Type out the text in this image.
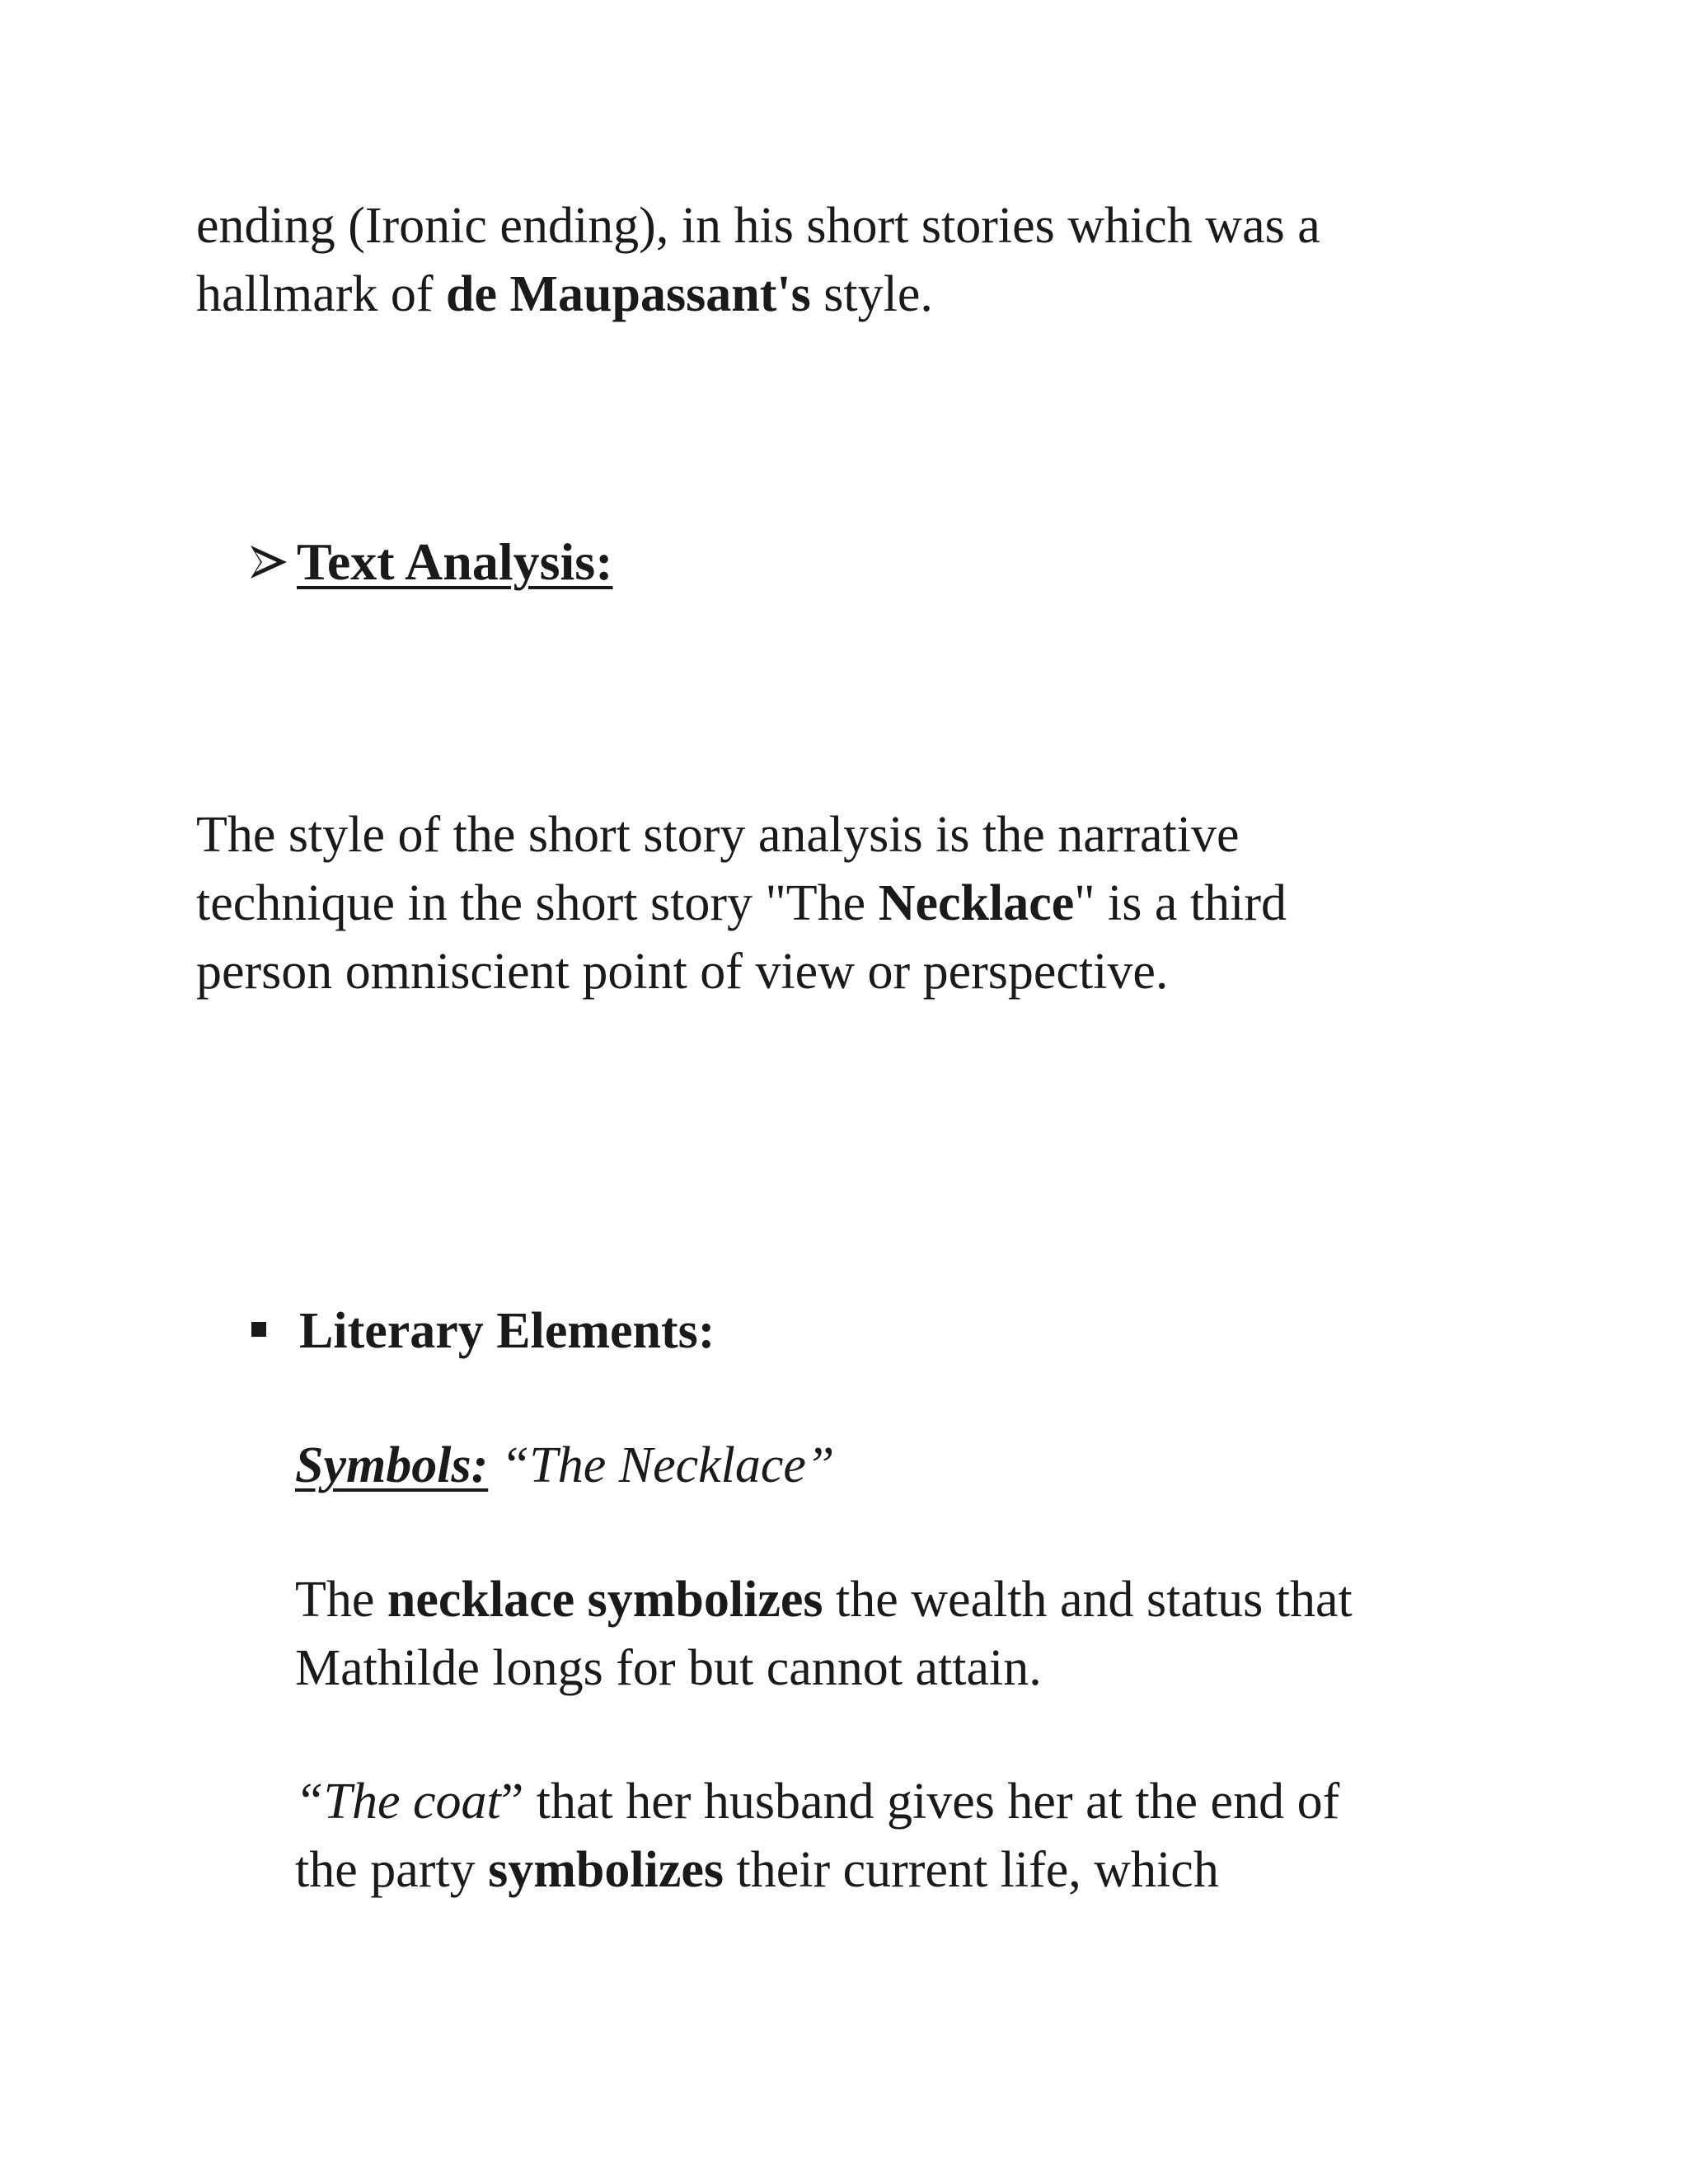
ending (Ironic ending), in his short stories which was a
hallmark of de Maupassant's style.
Text Analysis:
The style of the short story analysis is the narrative
technique in the short story "The Necklace" is a third
person omniscient point of view or perspective.
Literary Elements:
Symbols: “The Necklace”
The necklace symbolizes the wealth and status that
Mathilde longs for but cannot attain.
“The coat” that her husband gives her at the end of
the party symbolizes their current life, which
